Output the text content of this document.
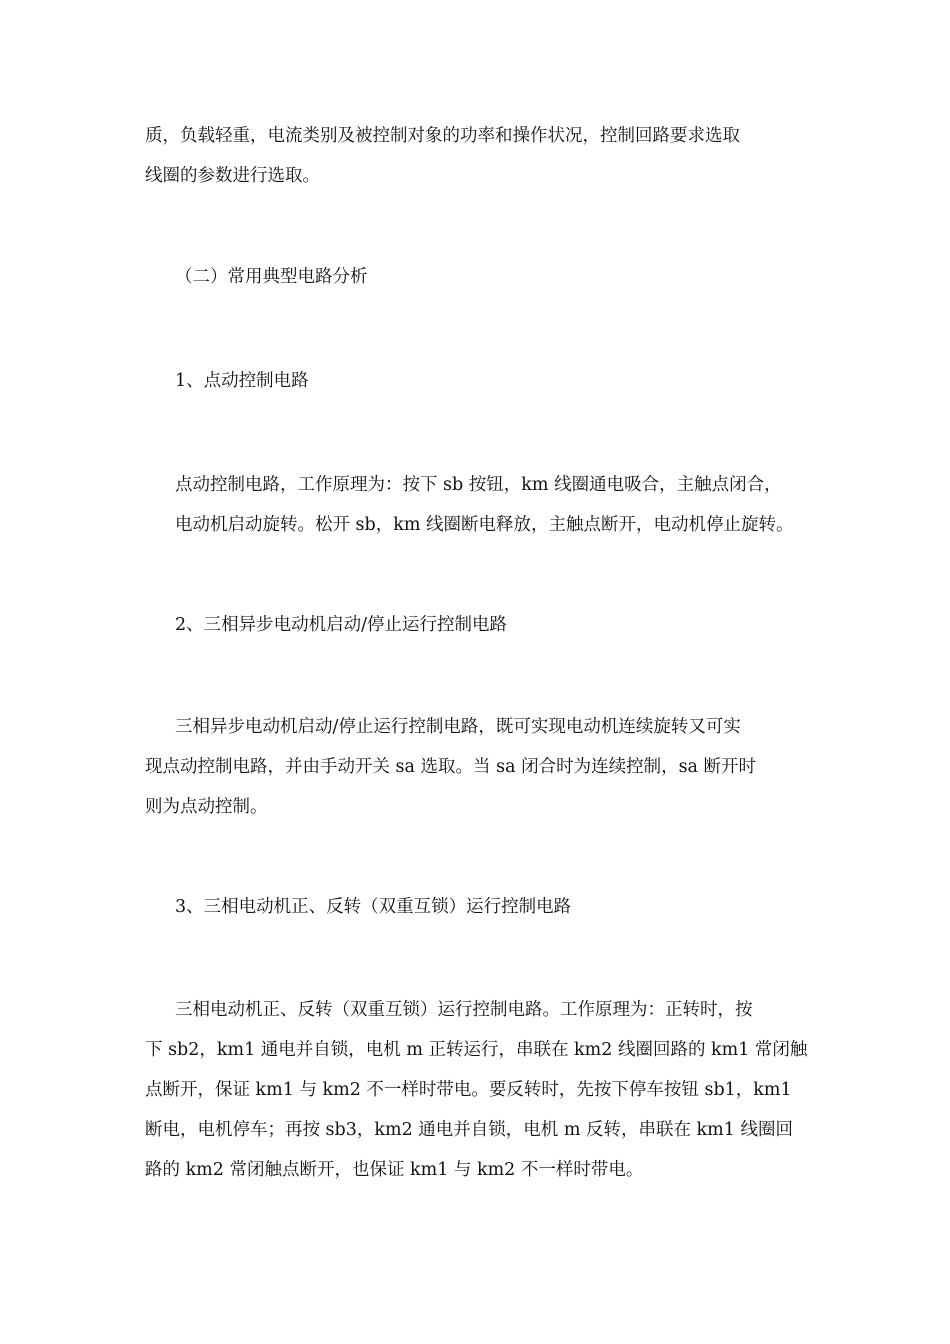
质，负载轻重，电流类别及被控制对象的功率和操作状况，控制回路要求选取
线圈的参数进行选取。
（二）常用典型电路分析
1、点动控制电路
点动控制电路，工作原理为：按下 sb 按钮，km 线圈通电吸合，主触点闭合，
电动机启动旋转。松开 sb，km 线圈断电释放，主触点断开，电动机停止旋转。
2、三相异步电动机启动/停止运行控制电路
三相异步电动机启动/停止运行控制电路，既可实现电动机连续旋转又可实
现点动控制电路，并由手动开关 sa 选取。当 sa 闭合时为连续控制，sa 断开时
则为点动控制。
3、三相电动机正、反转（双重互锁）运行控制电路
三相电动机正、反转（双重互锁）运行控制电路。工作原理为：正转时，按
下 sb2，km1 通电并自锁，电机 m 正转运行，串联在 km2 线圈回路的 km1 常闭触
点断开，保证 km1 与 km2 不一样时带电。要反转时，先按下停车按钮 sb1，km1
断电，电机停车；再按 sb3，km2 通电并自锁，电机 m 反转，串联在 km1 线圈回
路的 km2 常闭触点断开，也保证 km1 与 km2 不一样时带电。
